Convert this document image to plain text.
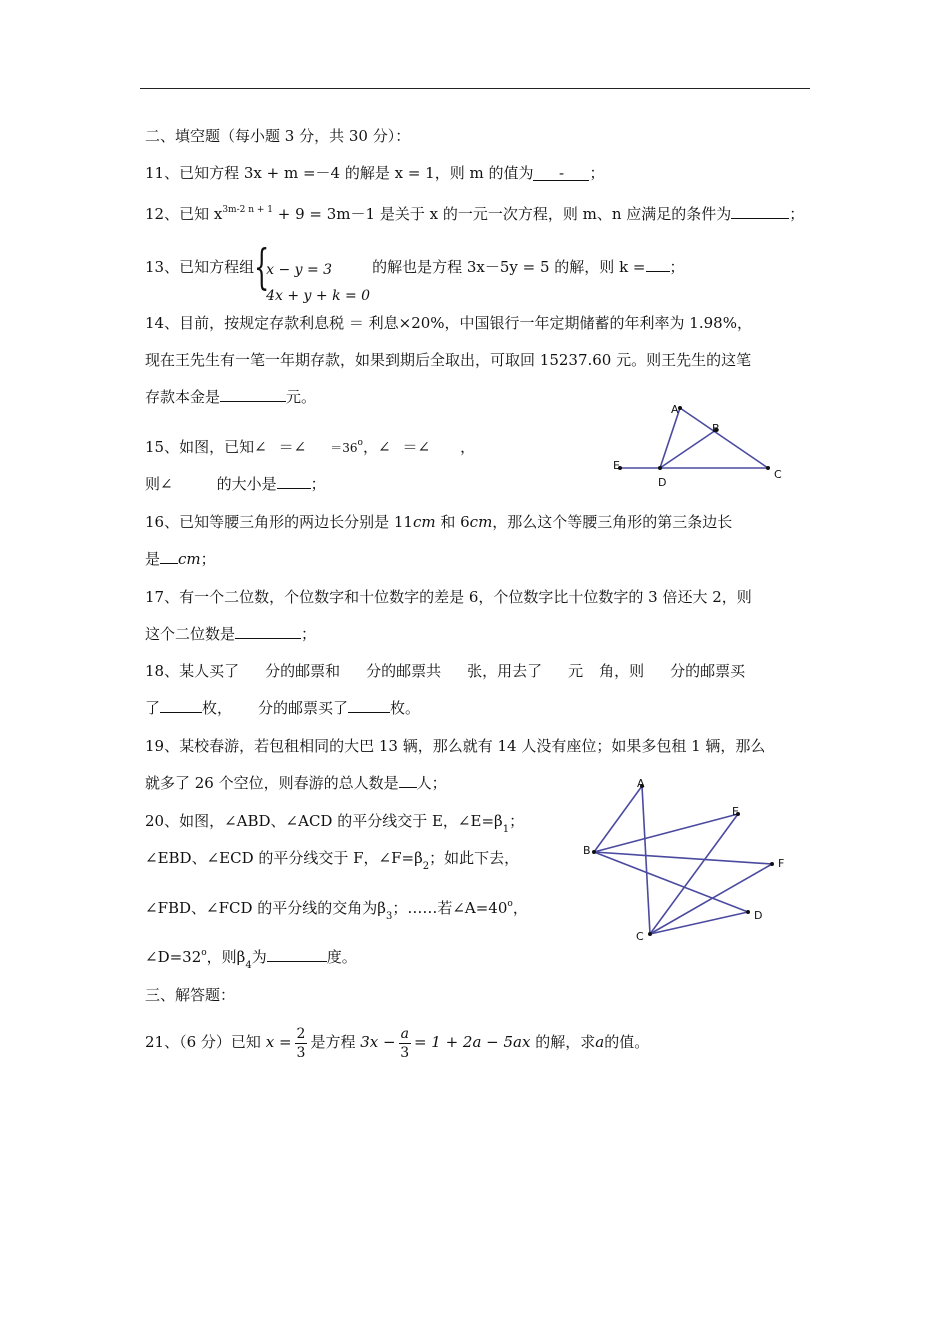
二、填空题（每小题 3 分，共 30 分）：
11、已知方程 3x + m =－4 的解是 x = 1，则 m 的值为 - ；
12、已知 $x^{3m-2 n + 1} + 9 = 3m-1$ 是关于 x 的一元一次方程，则 m、n 应满足的条件为	；
13、已知方程组 {
x − y = 3
4x + y + k = 0
的解也是方程 3x－5y = 5 的解，则 k = ；
14、目前，按规定存款利息税 ＝ 利息×20%，中国银行一年定期储蓄的年利率为 1.98%，
现在王先生有一笔一年期存款，如果到期后全取出，可取回 15237.60 元。则王先生的这笔
存款本金是	元。
15、如图，已知∠ ＝∠ $=36^o$，∠ ＝∠ ，
则∠	的大小是 ；
A
B
C
D
E
16、已知等腰三角形的两边长分别是 11cm 和 6cm，那么这个等腰三角形的第三条边长
是 cm；
17、有一个二位数，个位数字和十位数字的差是 6，个位数字比十位数字的 3 倍还大 2，则
这个二位数是	；
18、某人买了 分的邮票和 分的邮票共 张，用去了 元 角，则 分的邮票买
了	枚， 分的邮票买了	枚。
19、某校春游，若包租相同的大巴 13 辆，那么就有 14 人没有座位；如果多包租 1 辆，那么
就多了 26 个空位，则春游的总人数是 人；
20、如图，∠ABD、∠ACD 的平分线交于 E，$\angle E=\beta_1$；
∠EBD、∠ECD 的平分线交于 F，$\angle F=\beta_2$；如此下去，
∠FBD、∠FCD 的平分线的交角为$\beta_3$；……若$\angle A=40^o$，
$\angle D=32^o$，则$\beta_4$为	度。
A
B
C
D
E
F
三、解答题：
21、（6 分）已知 $x = \frac{2}{3}$ 是方程 $3x - \frac{a}{3} = 1 + 2a - 5ax$ 的解，求a的值。
